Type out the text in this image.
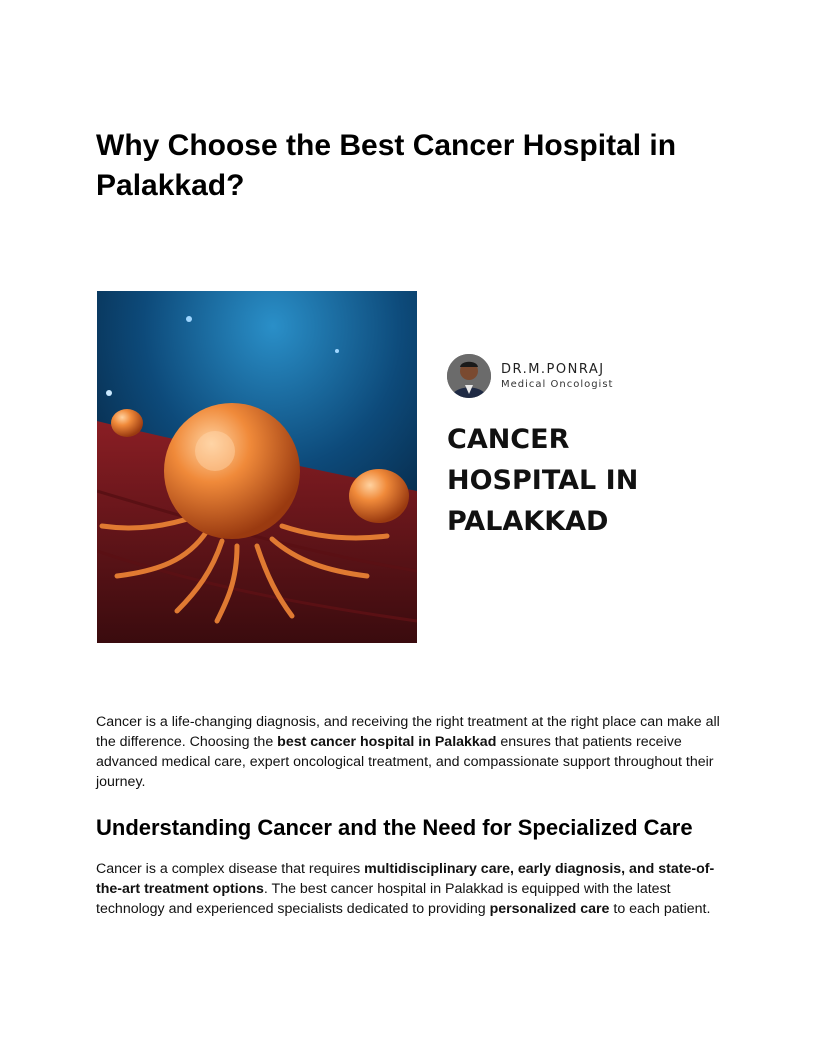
Why Choose the Best Cancer Hospital in Palakkad?
DR.M.PONRAJ
Medical Oncologist
CANCER
HOSPITAL IN
PALAKKAD

Cancer is a life-changing diagnosis, and receiving the right treatment at the right place can make all the difference. Choosing the best cancer hospital in Palakkad ensures that patients receive advanced medical care, expert oncological treatment, and compassionate support throughout their journey.

Understanding Cancer and the Need for Specialized Care

Cancer is a complex disease that requires multidisciplinary care, early diagnosis, and state-of-the-art treatment options. The best cancer hospital in Palakkad is equipped with the latest technology and experienced specialists dedicated to providing personalized care to each patient.
